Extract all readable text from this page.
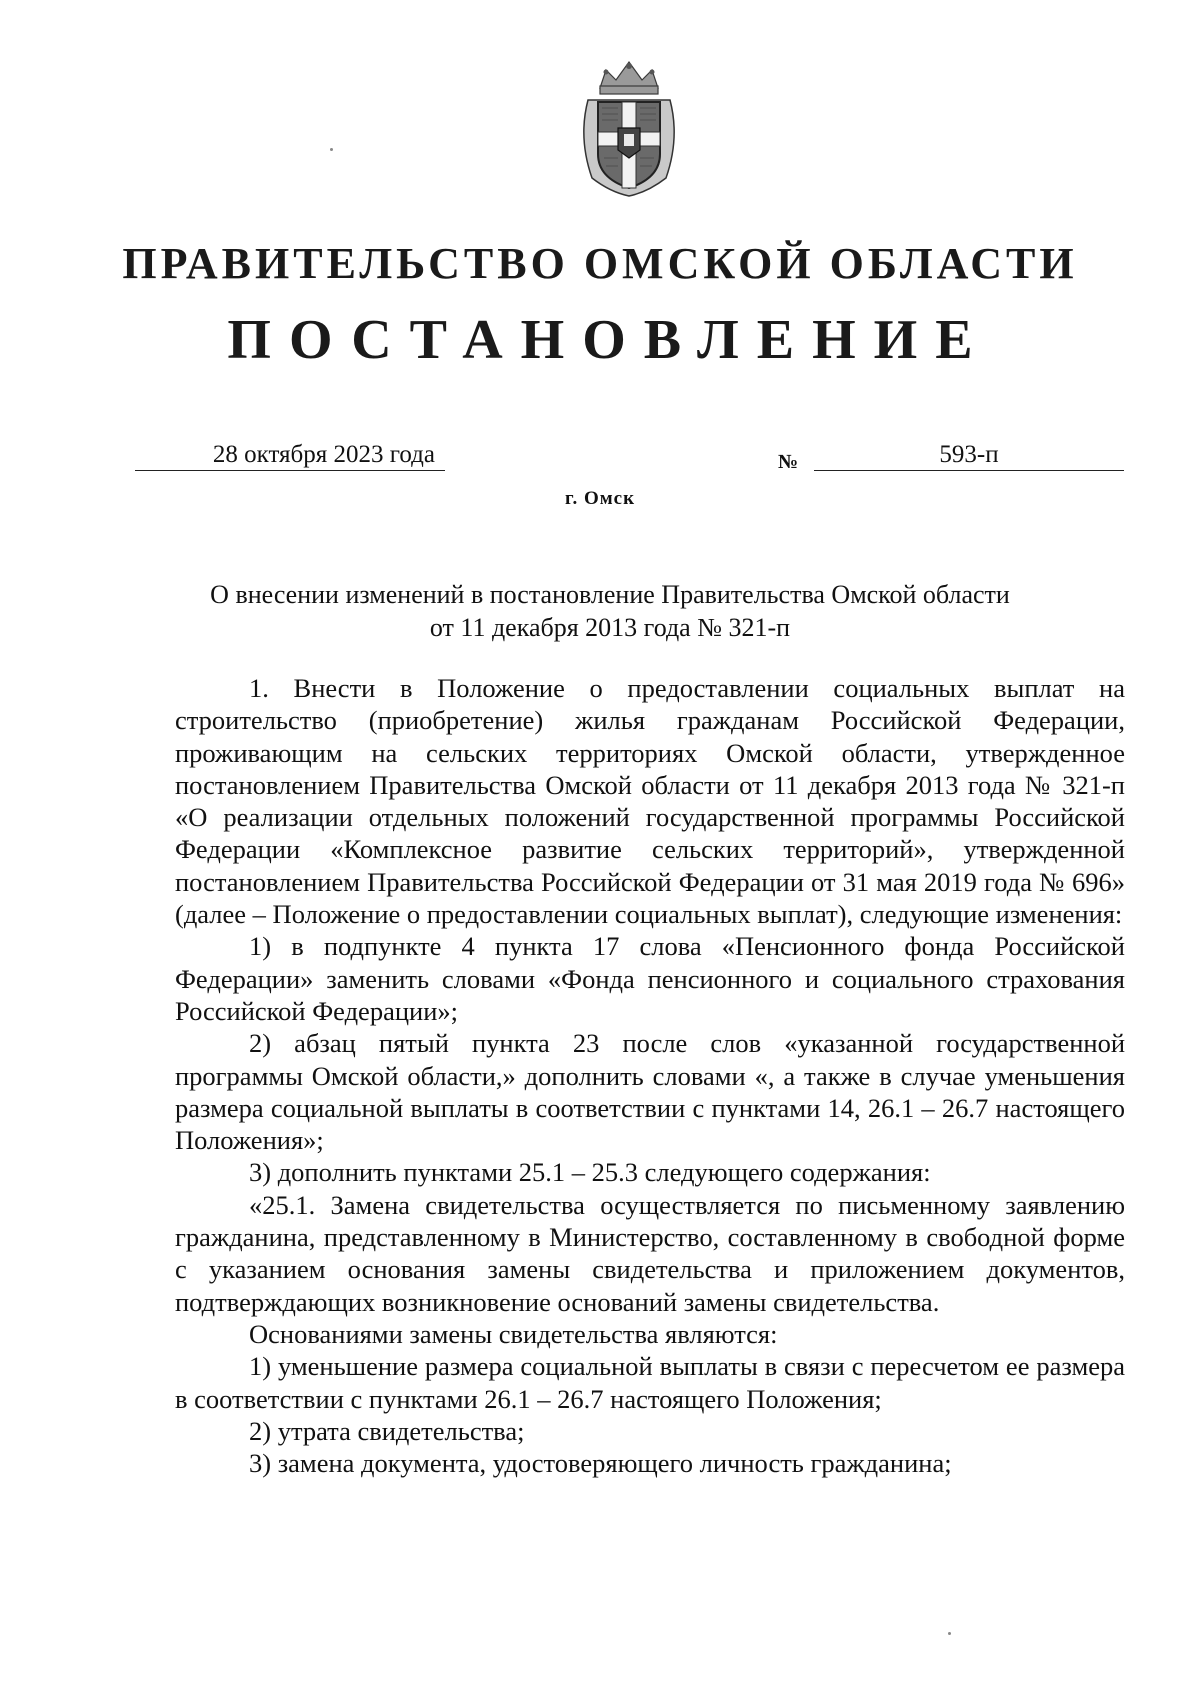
ПРАВИТЕЛЬСТВО ОМСКОЙ ОБЛАСТИ
ПОСТАНОВЛЕНИЕ
28 октября 2023 года	№	593-п
г. Омск
О внесении изменений в постановление Правительства Омской области
от 11 декабря 2013 года № 321-п

1. Внести в Положение о предоставлении социальных выплат на строительство (приобретение) жилья гражданам Российской Федерации, проживающим на сельских территориях Омской области, утвержденное постановлением Правительства Омской области от 11 декабря 2013 года № 321-п «О реализации отдельных положений государственной программы Российской Федерации «Комплексное развитие сельских территорий», утвержденной постановлением Правительства Российской Федерации от 31 мая 2019 года № 696» (далее – Положение о предоставлении социальных выплат), следующие изменения:

1) в подпункте 4 пункта 17 слова «Пенсионного фонда Российской Федерации» заменить словами «Фонда пенсионного и социального страхования Российской Федерации»;

2) абзац пятый пункта 23 после слов «указанной государственной программы Омской области,» дополнить словами «, а также в случае уменьшения размера социальной выплаты в соответствии с пунктами 14, 26.1 – 26.7 настоящего Положения»;

3) дополнить пунктами 25.1 – 25.3 следующего содержания:

«25.1. Замена свидетельства осуществляется по письменному заявлению гражданина, представленному в Министерство, составленному в свободной форме с указанием основания замены свидетельства и приложением документов, подтверждающих возникновение оснований замены свидетельства.

Основаниями замены свидетельства являются:

1) уменьшение размера социальной выплаты в связи с пересчетом ее размера в соответствии с пунктами 26.1 – 26.7 настоящего Положения;

2) утрата свидетельства;

3) замена документа, удостоверяющего личность гражданина;
